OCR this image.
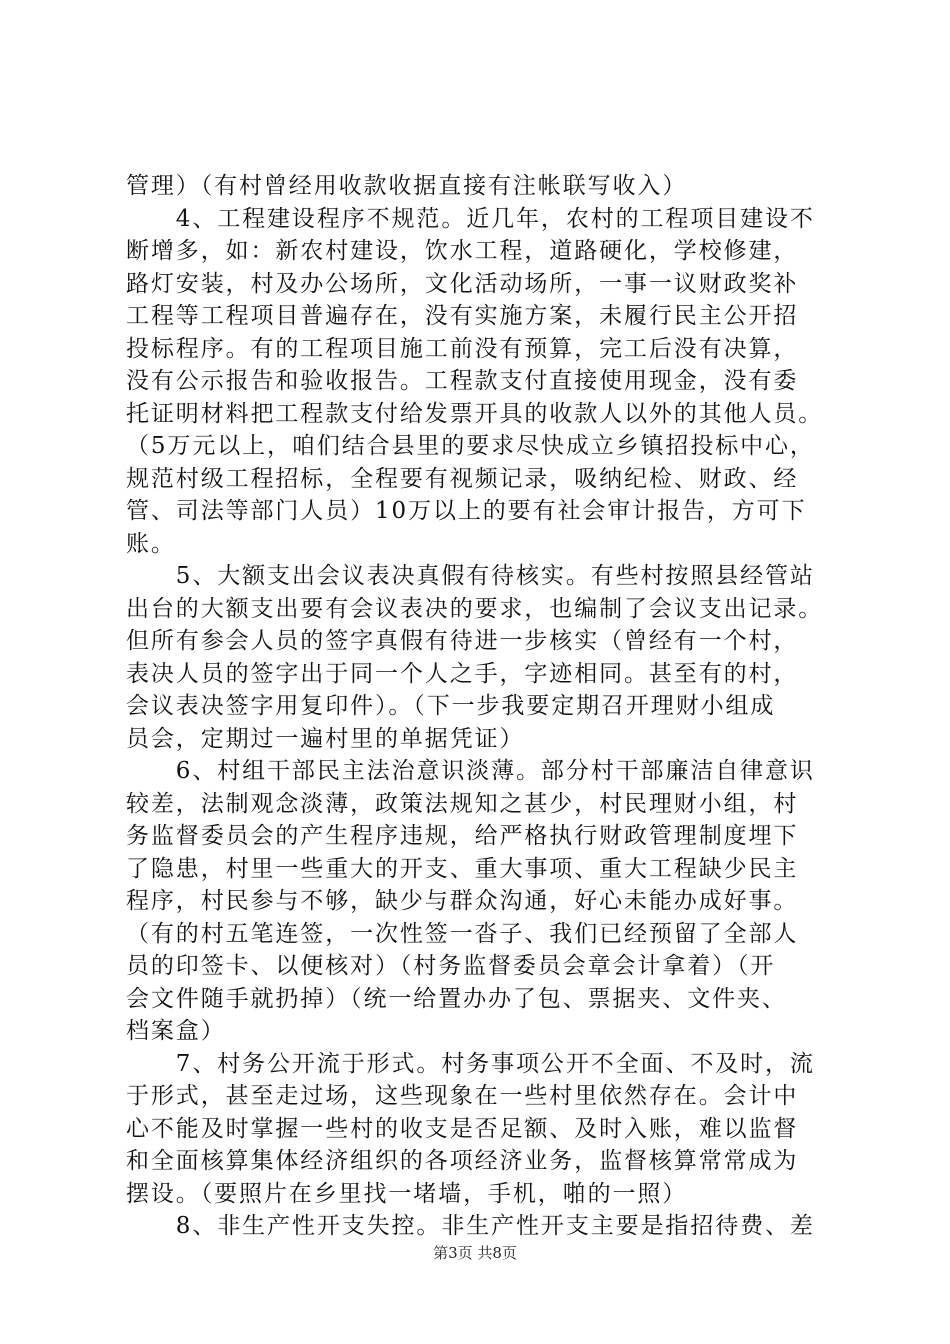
管理）（有村曾经用收款收据直接有注帐联写收入）
　　4、工程建设程序不规范。近几年，农村的工程项目建设不
断增多，如：新农村建设，饮水工程，道路硬化，学校修建，
路灯安装，村及办公场所，文化活动场所，一事一议财政奖补
工程等工程项目普遍存在，没有实施方案，未履行民主公开招
投标程序。有的工程项目施工前没有预算，完工后没有决算，
没有公示报告和验收报告。工程款支付直接使用现金，没有委
托证明材料把工程款支付给发票开具的收款人以外的其他人员。
（5万元以上，咱们结合县里的要求尽快成立乡镇招投标中心，
规范村级工程招标，全程要有视频记录，吸纳纪检、财政、经
管、司法等部门人员）10万以上的要有社会审计报告，方可下
账。
　　5、大额支出会议表决真假有待核实。有些村按照县经管站
出台的大额支出要有会议表决的要求，也编制了会议支出记录。
但所有参会人员的签字真假有待进一步核实（曾经有一个村，
表决人员的签字出于同一个人之手，字迹相同。甚至有的村，
会议表决签字用复印件）。（下一步我要定期召开理财小组成
员会，定期过一遍村里的单据凭证）
　　6、村组干部民主法治意识淡薄。部分村干部廉洁自律意识
较差，法制观念淡薄，政策法规知之甚少，村民理财小组，村
务监督委员会的产生程序违规，给严格执行财政管理制度埋下
了隐患，村里一些重大的开支、重大事项、重大工程缺少民主
程序，村民参与不够，缺少与群众沟通，好心未能办成好事。
（有的村五笔连签，一次性签一沓子、我们已经预留了全部人
员的印签卡、以便核对）（村务监督委员会章会计拿着）（开
会文件随手就扔掉）（统一给置办办了包、票据夹、文件夹、
档案盒）
　　7、村务公开流于形式。村务事项公开不全面、不及时，流
于形式，甚至走过场，这些现象在一些村里依然存在。会计中
心不能及时掌握一些村的收支是否足额、及时入账，难以监督
和全面核算集体经济组织的各项经济业务，监督核算常常成为
摆设。（要照片在乡里找一堵墙，手机，啪的一照）
　　8、非生产性开支失控。非生产性开支主要是指招待费、差
第3页 共8页
